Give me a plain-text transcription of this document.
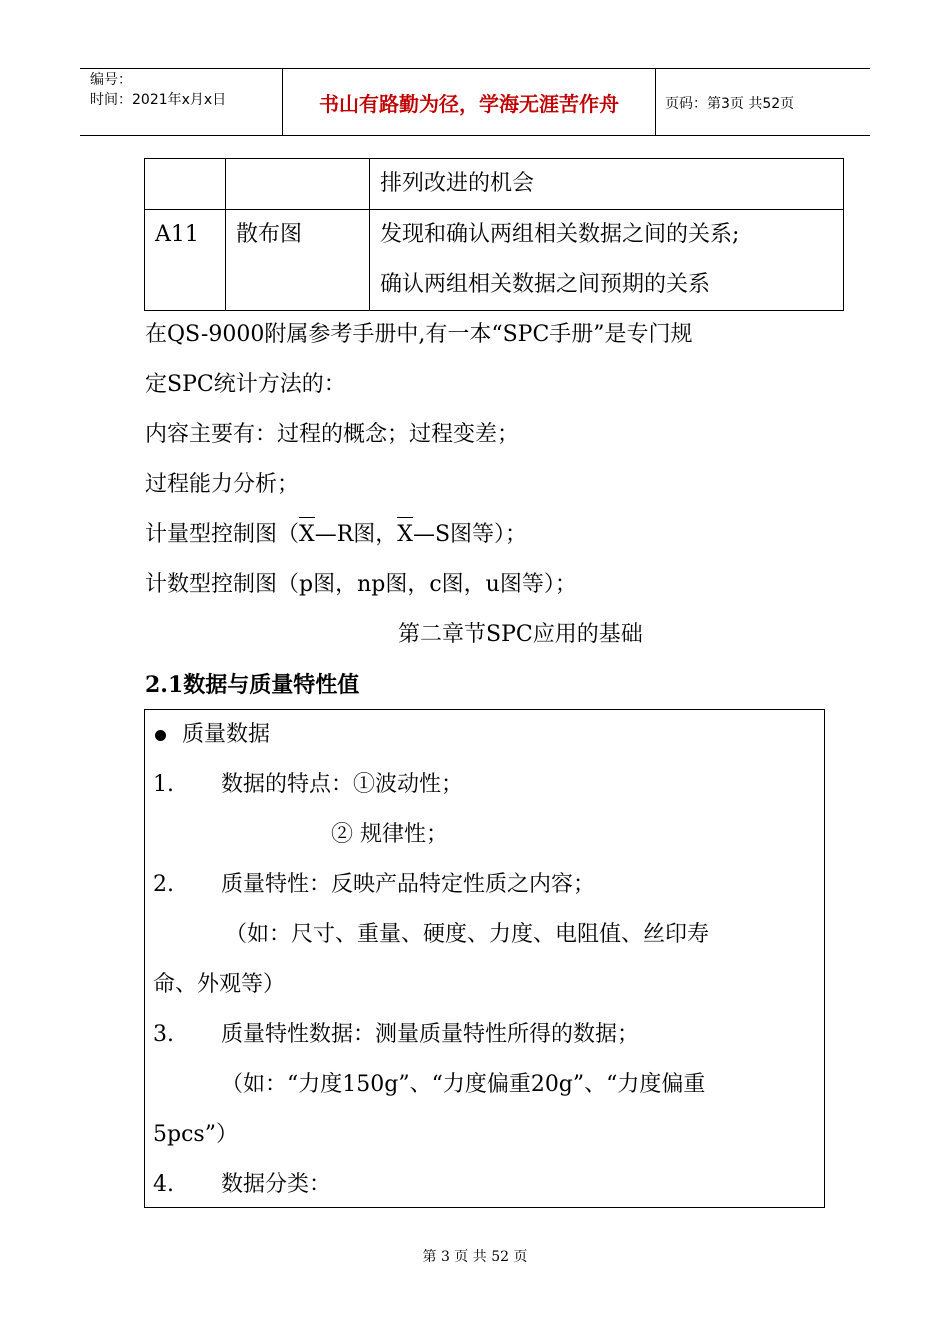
编号：
时间：2021年x月x日	书山有路勤为径，学海无涯苦作舟	页码：第3页 共52页
		排列改进的机会
A11	散布图	发现和确认两组相关数据之间的关系;
确认两组相关数据之间预期的关系
在QS-9000附属参考手册中,有一本“SPC手册”是专门规
定SPC统计方法的：
内容主要有：过程的概念；过程变差；
过程能力分析；
计量型控制图（X—R图，X—S图等）；
计数型控制图（p图，np图，c图，u图等）；
第二章节SPC应用的基础
2.1数据与质量特性值
质量数据
1. 数据的特点：①波动性；
② 规律性；
2. 质量特性：反映产品特定性质之内容；
（如：尺寸、重量、硬度、力度、电阻值、丝印寿
命、外观等）
3. 质量特性数据：测量质量特性所得的数据；
（如：“力度150g”、“力度偏重20g”、“力度偏重
5pcs”）
4. 数据分类：
第 3 页 共 52 页
